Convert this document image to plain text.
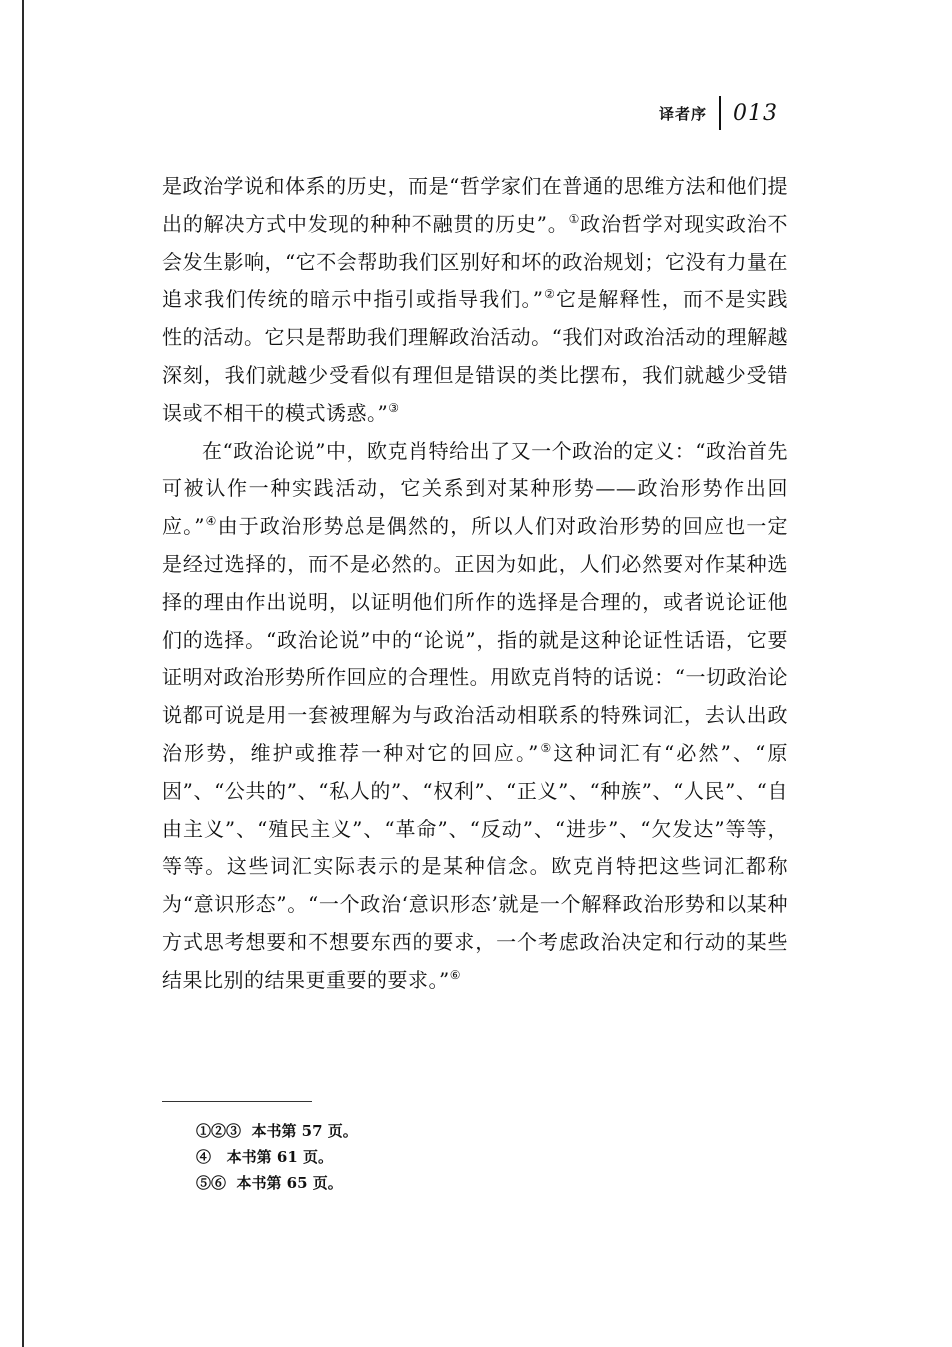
译者序 013

是政治学说和体系的历史，而是“哲学家们在普通的思维方法和他们提出的解决方式中发现的种种不融贯的历史”。①政治哲学对现实政治不会发生影响，“它不会帮助我们区别好和坏的政治规划；它没有力量在追求我们传统的暗示中指引或指导我们。”②它是解释性，而不是实践性的活动。它只是帮助我们理解政治活动。“我们对政治活动的理解越深刻，我们就越少受看似有理但是错误的类比摆布，我们就越少受错误或不相干的模式诱惑。”③

在“政治论说”中，欧克肖特给出了又一个政治的定义：“政治首先可被认作一种实践活动，它关系到对某种形势——政治形势作出回应。”④由于政治形势总是偶然的，所以人们对政治形势的回应也一定是经过选择的，而不是必然的。正因为如此，人们必然要对作某种选择的理由作出说明，以证明他们所作的选择是合理的，或者说论证他们的选择。“政治论说”中的“论说”，指的就是这种论证性话语，它要证明对政治形势所作回应的合理性。用欧克肖特的话说：“一切政治论说都可说是用一套被理解为与政治活动相联系的特殊词汇，去认出政治形势，维护或推荐一种对它的回应。”⑤这种词汇有“必然”、“原因”、“公共的”、“私人的”、“权利”、“正义”、“种族”、“人民”、“自由主义”、“殖民主义”、“革命”、“反动”、“进步”、“欠发达”等等，等等。这些词汇实际表示的是某种信念。欧克肖特把这些词汇都称为“意识形态”。“一个政治‘意识形态’就是一个解释政治形势和以某种方式思考想要和不想要东西的要求，一个考虑政治决定和行动的某些结果比别的结果更重要的要求。”⑥

①②③  本书第 57 页。
④   本书第 61 页。
⑤⑥  本书第 65 页。
